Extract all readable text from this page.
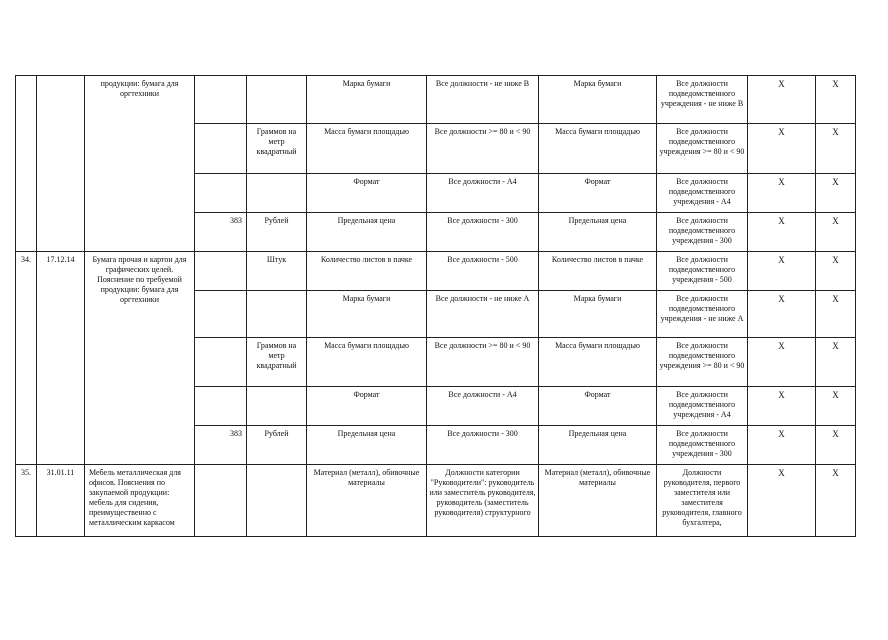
		продукции: бумага для оргтехники			Марка бумаги	Все должности - не ниже B	Марка бумаги	Все должности подведомственного учреждения - не ниже B	X	X
				Граммов на метр квадратный	Масса бумаги площадью	Все должности >= 80 и < 90	Масса бумаги площадью	Все должности подведомственного учреждения >= 80 и < 90	X	X
					Формат	Все должности - А4	Формат	Все должности подведомственного учреждения - А4	X	X
			383	Рублей	Предельная цена	Все должности - 300	Предельная цена	Все должности подведомственного учреждения - 300	X	X
34.	17.12.14	Бумага прочая и картон для графических целей. Пояснение по требуемой продукции: бумага для оргтехники		Штук	Количество листов в пачке	Все должности - 500	Количество листов в пачке	Все должности подведомственного учреждения - 500	X	X
					Марка бумаги	Все должности - не ниже A	Марка бумаги	Все должности подведомственного учреждения - не ниже A	X	X
				Граммов на метр квадратный	Масса бумаги площадью	Все должности >= 80 и < 90	Масса бумаги площадью	Все должности подведомственного учреждения >= 80 и < 90	X	X
					Формат	Все должности - А4	Формат	Все должности подведомственного учреждения - А4	X	X
			383	Рублей	Предельная цена	Все должности - 300	Предельная цена	Все должности подведомственного учреждения - 300	X	X
35.	31.01.11	Мебель металлическая для офисов. Пояснения по закупаемой продукции: мебель для сидения, преимущественно с металлическим каркасом			Материал (металл), обивочные материалы	Должности категории "Руководители": руководитель или заместитель руководителя, руководитель (заместитель руководителя) структурного	Материал (металл), обивочные материалы	Должности руководителя, первого заместителя или заместителя руководителя, главного бухгалтера,	X	X
